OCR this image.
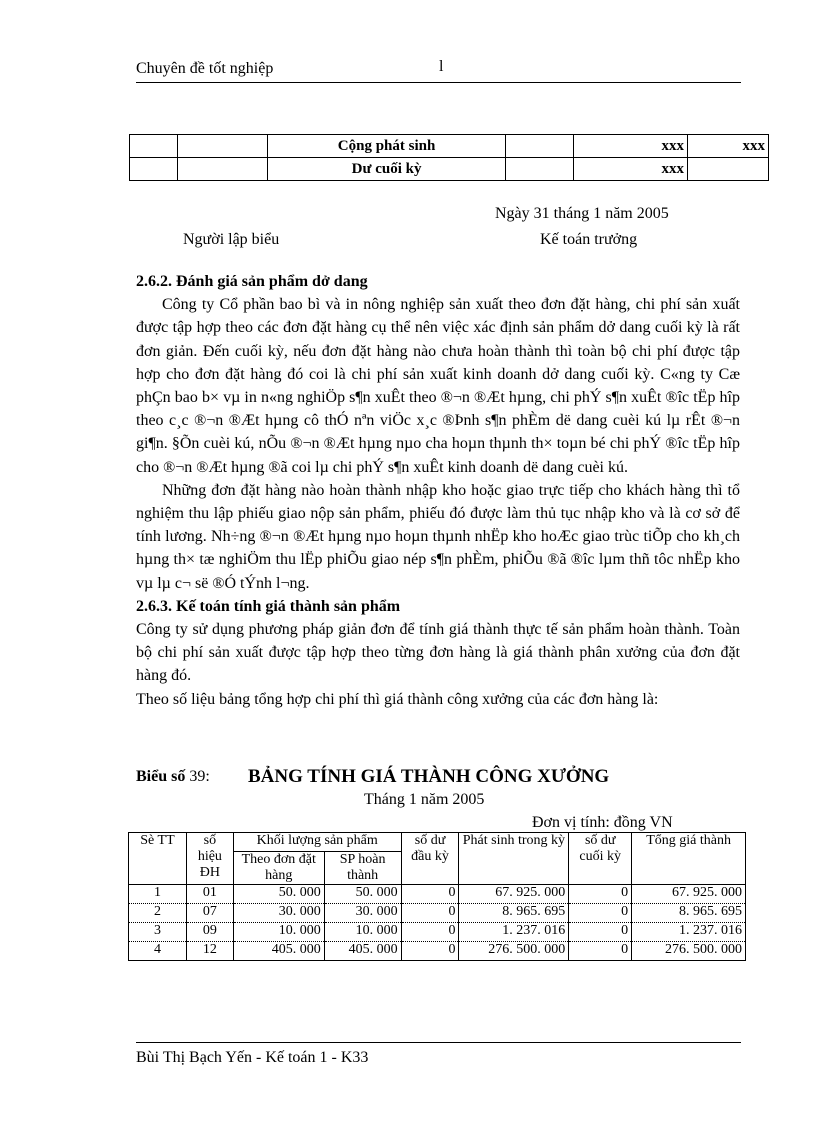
Chuyên đề tốt nghiệp	l
		Cộng phát sinh		xxx	xxx
		Dư cuối kỳ		xxx	
Ngày 31 tháng 1 năm 2005
Người lập biểu	Kế toán trưởng

2.6.2. Đánh giá sản phẩm dở dang

Công ty Cổ phần bao bì và in nông nghiệp sản xuất theo đơn đặt hàng, chi phí sản xuất được tập hợp theo các đơn đặt hàng cụ thể nên việc xác định sản phẩm dở dang cuối kỳ là rất đơn giản. Đến cuối kỳ, nếu đơn đặt hàng nào chưa hoàn thành thì toàn bộ chi phí được tập hợp cho đơn đặt hàng đó coi là chi phí sản xuất kinh doanh dở dang cuối kỳ. C«ng ty Cæ phÇn bao b× vµ in n«ng nghiÖp s¶n xuÊt theo ®¬n ®Æt hµng, chi phÝ s¶n xuÊt ®îc tËp hîp theo c¸c ®¬n ®Æt hµng cô thÓ nªn viÖc x¸c ®Þnh s¶n phÈm dë dang cuèi kú lµ rÊt ®¬n gi¶n. §Õn cuèi kú, nÕu ®¬n ®Æt hµng nµo cha hoµn thµnh th× toµn bé chi phÝ ®îc tËp hîp cho ®¬n ®Æt hµng ®ã coi lµ chi phÝ s¶n xuÊt kinh doanh dë dang cuèi kú.

Những đơn đặt hàng nào hoàn thành nhập kho hoặc giao trực tiếp cho khách hàng thì tổ nghiệm thu lập phiếu giao nộp sản phẩm, phiếu đó được làm thủ tục nhập kho và là cơ sở để tính lương. Nh÷ng ®¬n ®Æt hµng nµo hoµn thµnh nhËp kho hoÆc giao trùc tiÕp cho kh¸ch hµng th× tæ nghiÖm thu lËp phiÕu giao nép s¶n phÈm, phiÕu ®ã ®îc lµm thñ tôc nhËp kho vµ lµ c¬ së ®Ó tÝnh l¬ng.

2.6.3. Kế toán tính giá thành sản phẩm

Công ty sử dụng phương pháp giản đơn để tính giá thành thực tế sản phẩm hoàn thành. Toàn bộ chi phí sản xuất được tập hợp theo từng đơn hàng là giá thành phân xưởng của đơn đặt hàng đó.

Theo số liệu bảng tổng hợp chi phí thì giá thành công xưởng của các đơn hàng là:

Biểu số 39: BẢNG TÍNH GIÁ THÀNH CÔNG XƯỞNG
Tháng 1 năm 2005
Đơn vị tính: đồng VN
Sè TT	số hiệu ĐH	Khối lượng sản phẩm		số dư đầu kỳ	Phát sinh trong kỳ	số dư cuối kỳ	Tổng giá thành
		Theo đơn đặt hàng	SP hoàn thành				
1	01	50. 000	50. 000	0	67. 925. 000	0	67. 925. 000
2	07	30. 000	30. 000	0	8. 965. 695	0	8. 965. 695
3	09	10. 000	10. 000	0	1. 237. 016	0	1. 237. 016
4	12	405. 000	405. 000	0	276. 500. 000	0	276. 500. 000
Bùi Thị Bạch Yến - Kế toán 1 - K33
